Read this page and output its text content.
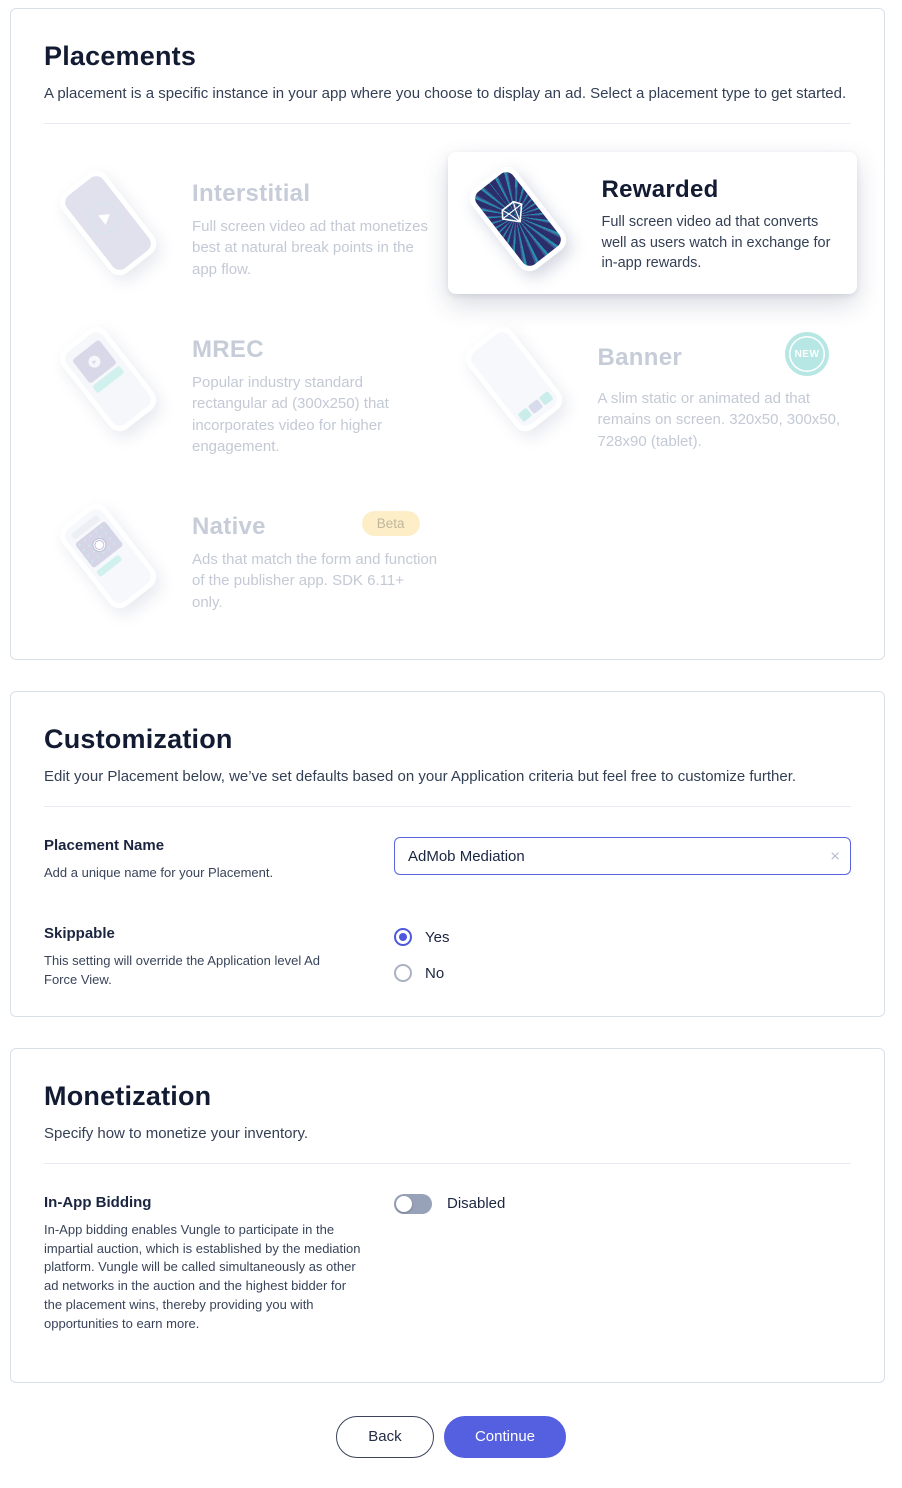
Placements

A placement is a specific instance in your app where you choose to display an ad. Select a placement type to get started.

Interstitial

Full screen video ad that monetizes best at natural break points in the app flow.

Rewarded

Full screen video ad that converts well as users watch in exchange for in-app rewards.

MREC

Popular industry standard rectangular ad (300x250) that incorporates video for higher engagement.

Banner	NEW

A slim static or animated ad that remains on screen. 320x50, 300x50, 728x90 (tablet).

Native	Beta

Ads that match the form and function of the publisher app. SDK 6.11+ only.

Customization

Edit your Placement below, we’ve set defaults based on your Application criteria but feel free to customize further.

Placement Name
Add a unique name for your Placement.
AdMob Mediation
×
Skippable
This setting will override the Application level Ad Force View.
Yes
No
Monetization

Specify how to monetize your inventory.

In-App Bidding
In-App bidding enables Vungle to participate in the impartial auction, which is established by the mediation platform. Vungle will be called simultaneously as other ad networks in the auction and the highest bidder for the placement wins, thereby providing you with opportunities to earn more.
Disabled
Back	Continue
